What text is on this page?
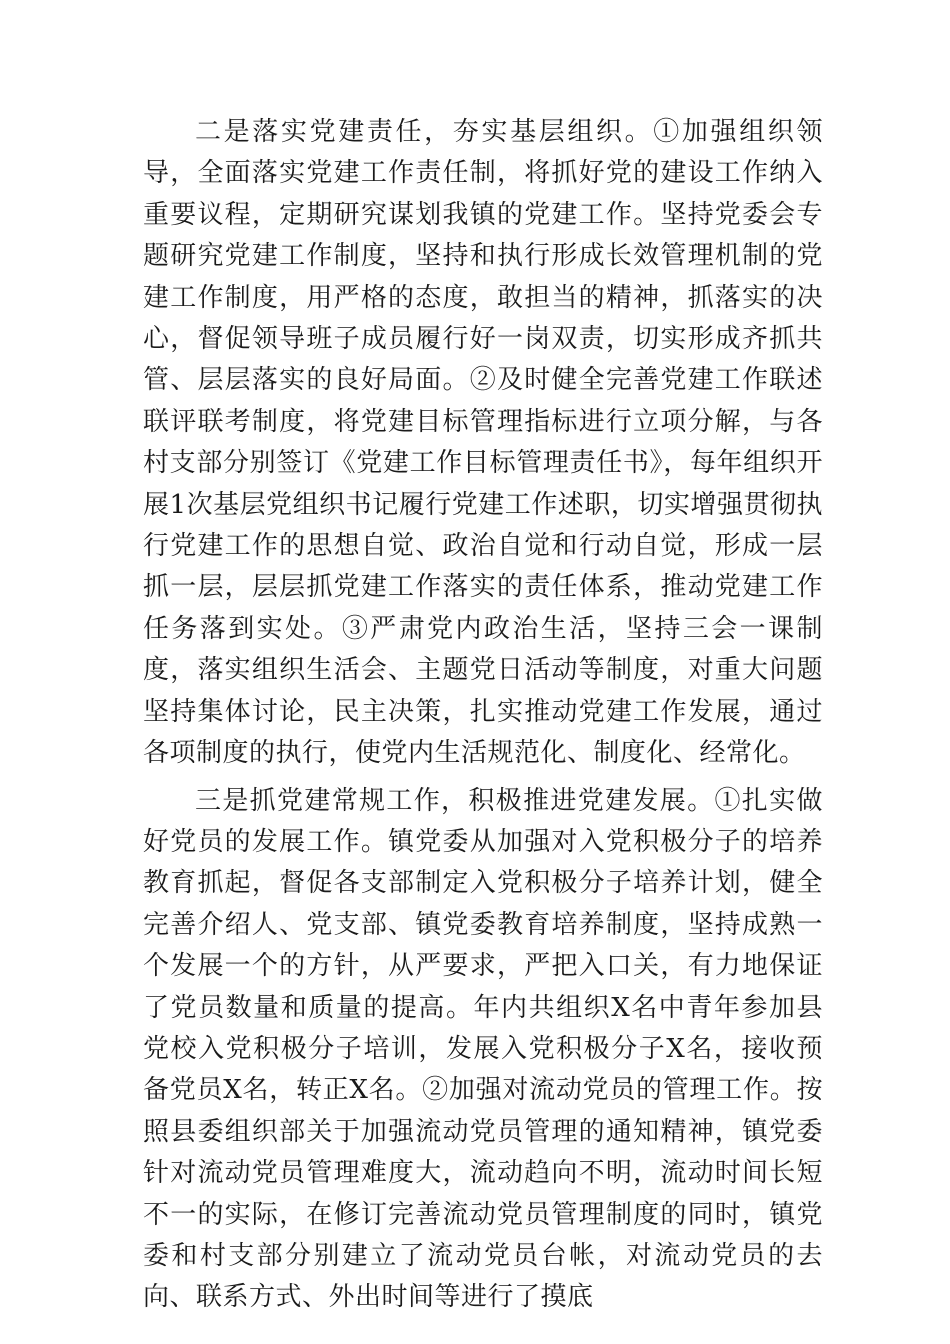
二是落实党建责任，夯实基层组织。①加强组织领导，全面落实党建工作责任制，将抓好党的建设工作纳入重要议程，定期研究谋划我镇的党建工作。坚持党委会专题研究党建工作制度，坚持和执行形成长效管理机制的党建工作制度，用严格的态度，敢担当的精神，抓落实的决心，督促领导班子成员履行好一岗双责，切实形成齐抓共管、层层落实的良好局面。②及时健全完善党建工作联述联评联考制度，将党建目标管理指标进行立项分解，与各村支部分别签订《党建工作目标管理责任书》，每年组织开展1次基层党组织书记履行党建工作述职，切实增强贯彻执行党建工作的思想自觉、政治自觉和行动自觉，形成一层抓一层，层层抓党建工作落实的责任体系，推动党建工作任务落到实处。③严肃党内政治生活，坚持三会一课制度，落实组织生活会、主题党日活动等制度，对重大问题坚持集体讨论，民主决策，扎实推动党建工作发展，通过各项制度的执行，使党内生活规范化、制度化、经常化。

三是抓党建常规工作，积极推进党建发展。①扎实做好党员的发展工作。镇党委从加强对入党积极分子的培养教育抓起，督促各支部制定入党积极分子培养计划，健全完善介绍人、党支部、镇党委教育培养制度，坚持成熟一个发展一个的方针，从严要求，严把入口关，有力地保证了党员数量和质量的提高。年内共组织X名中青年参加县党校入党积极分子培训，发展入党积极分子X名，接收预备党员X名，转正X名。②加强对流动党员的管理工作。按照县委组织部关于加强流动党员管理的通知精神，镇党委针对流动党员管理难度大，流动趋向不明，流动时间长短不一的实际，在修订完善流动党员管理制度的同时，镇党委和村支部分别建立了流动党员台帐，对流动党员的去向、联系方式、外出时间等进行了摸底
